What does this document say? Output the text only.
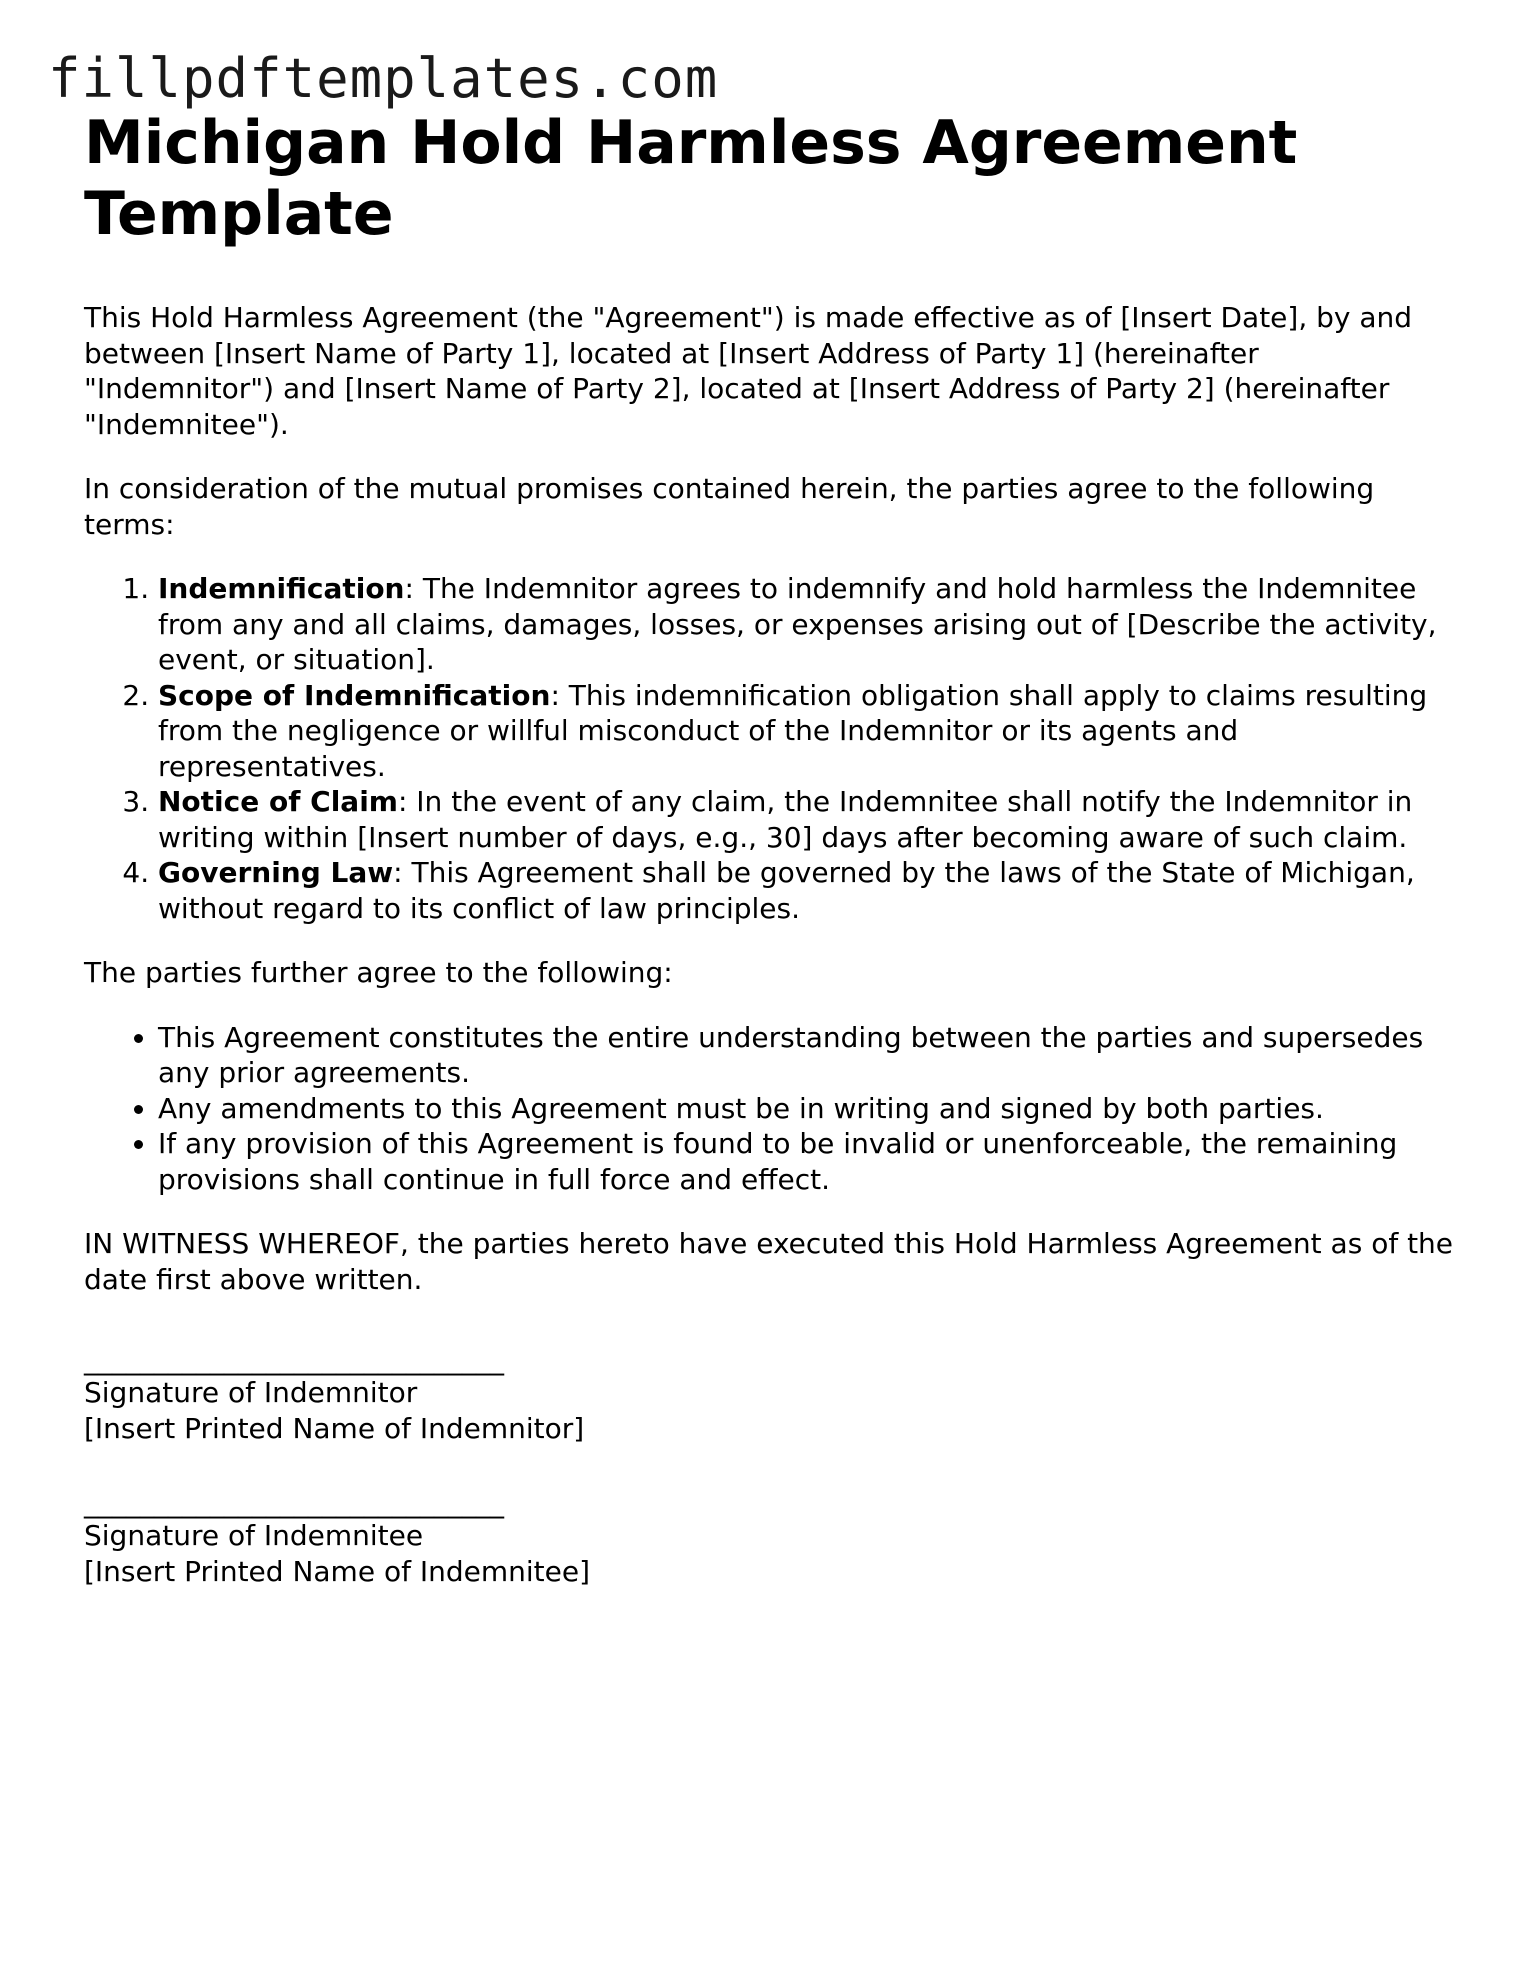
fillpdftemplates.com
Michigan Hold Harmless Agreement Template

This Hold Harmless Agreement (the "Agreement") is made effective as of [Insert Date], by and between [Insert Name of Party 1], located at [Insert Address of Party 1] (hereinafter "Indemnitor") and [Insert Name of Party 2], located at [Insert Address of Party 2] (hereinafter "Indemnitee").

In consideration of the mutual promises contained herein, the parties agree to the following terms:

1. Indemnification: The Indemnitor agrees to indemnify and hold harmless the Indemnitee from any and all claims, damages, losses, or expenses arising out of [Describe the activity, event, or situation].
2. Scope of Indemnification: This indemnification obligation shall apply to claims resulting from the negligence or willful misconduct of the Indemnitor or its agents and representatives.
3. Notice of Claim: In the event of any claim, the Indemnitee shall notify the Indemnitor in writing within [Insert number of days, e.g., 30] days after becoming aware of such claim.
4. Governing Law: This Agreement shall be governed by the laws of the State of Michigan, without regard to its conflict of law principles.

The parties further agree to the following:

• This Agreement constitutes the entire understanding between the parties and supersedes any prior agreements.
• Any amendments to this Agreement must be in writing and signed by both parties.
• If any provision of this Agreement is found to be invalid or unenforceable, the remaining provisions shall continue in full force and effect.

IN WITNESS WHEREOF, the parties hereto have executed this Hold Harmless Agreement as of the date first above written.

______________________________

Signature of Indemnitor

[Insert Printed Name of Indemnitor]

______________________________

Signature of Indemnitee

[Insert Printed Name of Indemnitee]
